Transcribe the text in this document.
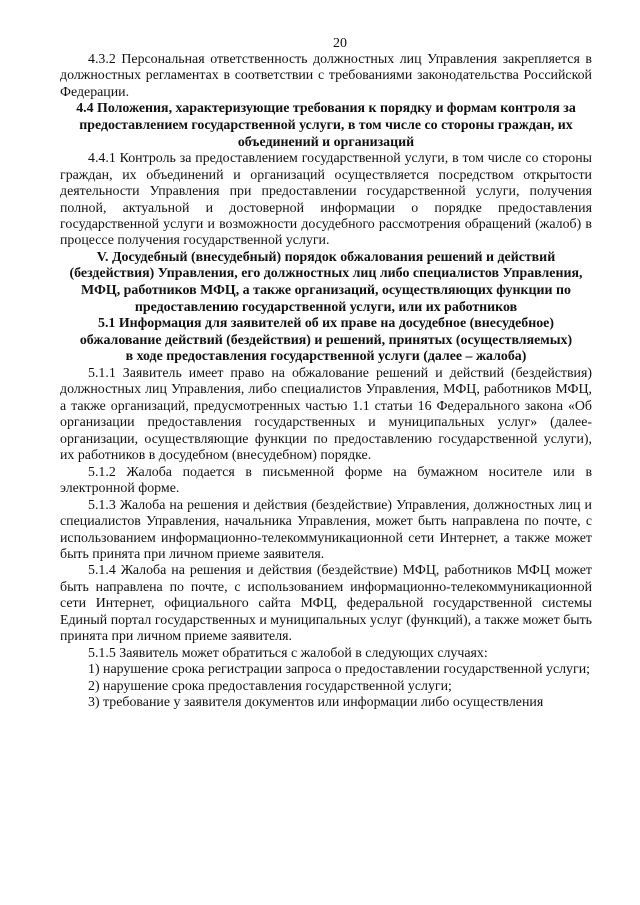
20

4.3.2 Персональная ответственность должностных лиц Управления закрепляется в должностных регламентах в соответствии с требованиями законодательства Российской Федерации.

4.4 Положения, характеризующие требования к порядку и формам контроля за предоставлением государственной услуги, в том числе со стороны граждан, их объединений и организаций

4.4.1 Контроль за предоставлением государственной услуги, в том числе со стороны граждан, их объединений и организаций осуществляется посредством открытости деятельности Управления при предоставлении государственной услуги, получения полной, актуальной и достоверной информации о порядке предоставления государственной услуги и возможности досудебного рассмотрения обращений (жалоб) в процессе получения государственной услуги.

V. Досудебный (внесудебный) порядок обжалования решений и действий (бездействия) Управления, его должностных лиц либо специалистов Управления, МФЦ, работников МФЦ, а также организаций, осуществляющих функции по предоставлению государственной услуги, или их работников
5.1 Информация для заявителей об их праве на досудебное (внесудебное) обжалование действий (бездействия) и решений, принятых (осуществляемых) в ходе предоставления государственной услуги (далее – жалоба)

5.1.1 Заявитель имеет право на обжалование решений и действий (бездействия) должностных лиц Управления, либо специалистов Управления, МФЦ, работников МФЦ, а также организаций, предусмотренных частью 1.1 статьи 16 Федерального закона «Об организации предоставления государственных и муниципальных услуг» (далее-организации, осуществляющие функции по предоставлению государственной услуги), их работников в досудебном (внесудебном) порядке.

5.1.2 Жалоба подается в письменной форме на бумажном носителе или в электронной форме.

5.1.3 Жалоба на решения и действия (бездействие) Управления, должностных лиц и специалистов Управления, начальника Управления, может быть направлена по почте, с использованием информационно-телекоммуникационной сети Интернет, а также может быть принята при личном приеме заявителя.

5.1.4 Жалоба на решения и действия (бездействие) МФЦ, работников МФЦ может быть направлена по почте, с использованием информационно-телекоммуникационной сети Интернет, официального сайта МФЦ, федеральной государственной системы Единый портал государственных и муниципальных услуг (функций), а также может быть принята при личном приеме заявителя.

5.1.5 Заявитель может обратиться с жалобой в следующих случаях:

1) нарушение срока регистрации запроса о предоставлении государственной услуги;

2) нарушение срока предоставления государственной услуги;

3) требование у заявителя документов или информации либо осуществления
